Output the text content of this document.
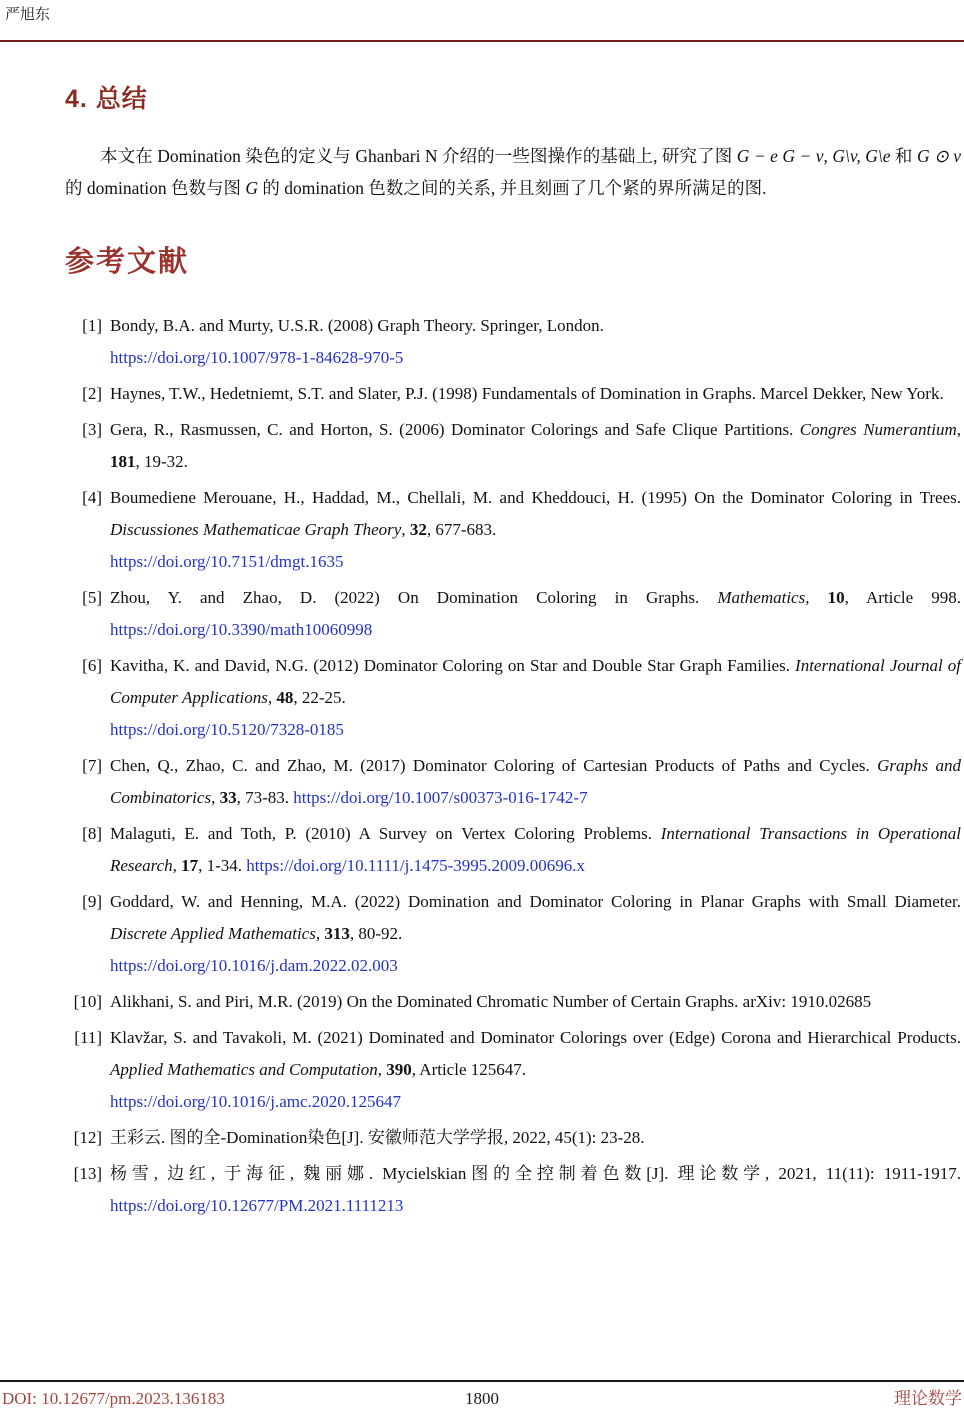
严旭东
4. 总结

本文在 Domination 染色的定义与 Ghanbari N 介绍的一些图操作的基础上, 研究了图 G − e G − v, G\v, G\e 和 G ⊙ v 的 domination 色数与图 G 的 domination 色数之间的关系, 并且刻画了几个紧的界所满足的图.

参考文献
[1] Bondy, B.A. and Murty, U.S.R. (2008) Graph Theory. Springer, London.
https://doi.org/10.1007/978-1-84628-970-5
[2] Haynes, T.W., Hedetniemt, S.T. and Slater, P.J. (1998) Fundamentals of Domination in Graphs. Marcel Dekker, New York.
[3] Gera, R., Rasmussen, C. and Horton, S. (2006) Dominator Colorings and Safe Clique Partitions. Congres Numerantium, 181, 19-32.
[4] Boumediene Merouane, H., Haddad, M., Chellali, M. and Kheddouci, H. (1995) On the Dominator Coloring in Trees. Discussiones Mathematicae Graph Theory, 32, 677-683.
https://doi.org/10.7151/dmgt.1635
[5] Zhou, Y. and Zhao, D. (2022) On Domination Coloring in Graphs. Mathematics, 10, Article 998. https://doi.org/10.3390/math10060998
[6] Kavitha, K. and David, N.G. (2012) Dominator Coloring on Star and Double Star Graph Families. International Journal of Computer Applications, 48, 22-25.
https://doi.org/10.5120/7328-0185
[7] Chen, Q., Zhao, C. and Zhao, M. (2017) Dominator Coloring of Cartesian Products of Paths and Cycles. Graphs and Combinatorics, 33, 73-83. https://doi.org/10.1007/s00373-016-1742-7
[8] Malaguti, E. and Toth, P. (2010) A Survey on Vertex Coloring Problems. International Transactions in Operational Research, 17, 1-34. https://doi.org/10.1111/j.1475-3995.2009.00696.x
[9] Goddard, W. and Henning, M.A. (2022) Domination and Dominator Coloring in Planar Graphs with Small Diameter. Discrete Applied Mathematics, 313, 80-92.
https://doi.org/10.1016/j.dam.2022.02.003
[10] Alikhani, S. and Piri, M.R. (2019) On the Dominated Chromatic Number of Certain Graphs. arXiv: 1910.02685
[11] Klavžar, S. and Tavakoli, M. (2021) Dominated and Dominator Colorings over (Edge) Corona and Hierarchical Products. Applied Mathematics and Computation, 390, Article 125647.
https://doi.org/10.1016/j.amc.2020.125647
[12] 王彩云. 图的全-Domination染色[J]. 安徽师范大学学报, 2022, 45(1): 23-28.
[13] 杨雪, 边红, 于海征, 魏丽娜. Mycielskian图的全控制着色数[J]. 理论数学, 2021, 11(11): 1911-1917. https://doi.org/10.12677/PM.2021.1111213
DOI: 10.12677/pm.2023.136183	1800	理论数学
